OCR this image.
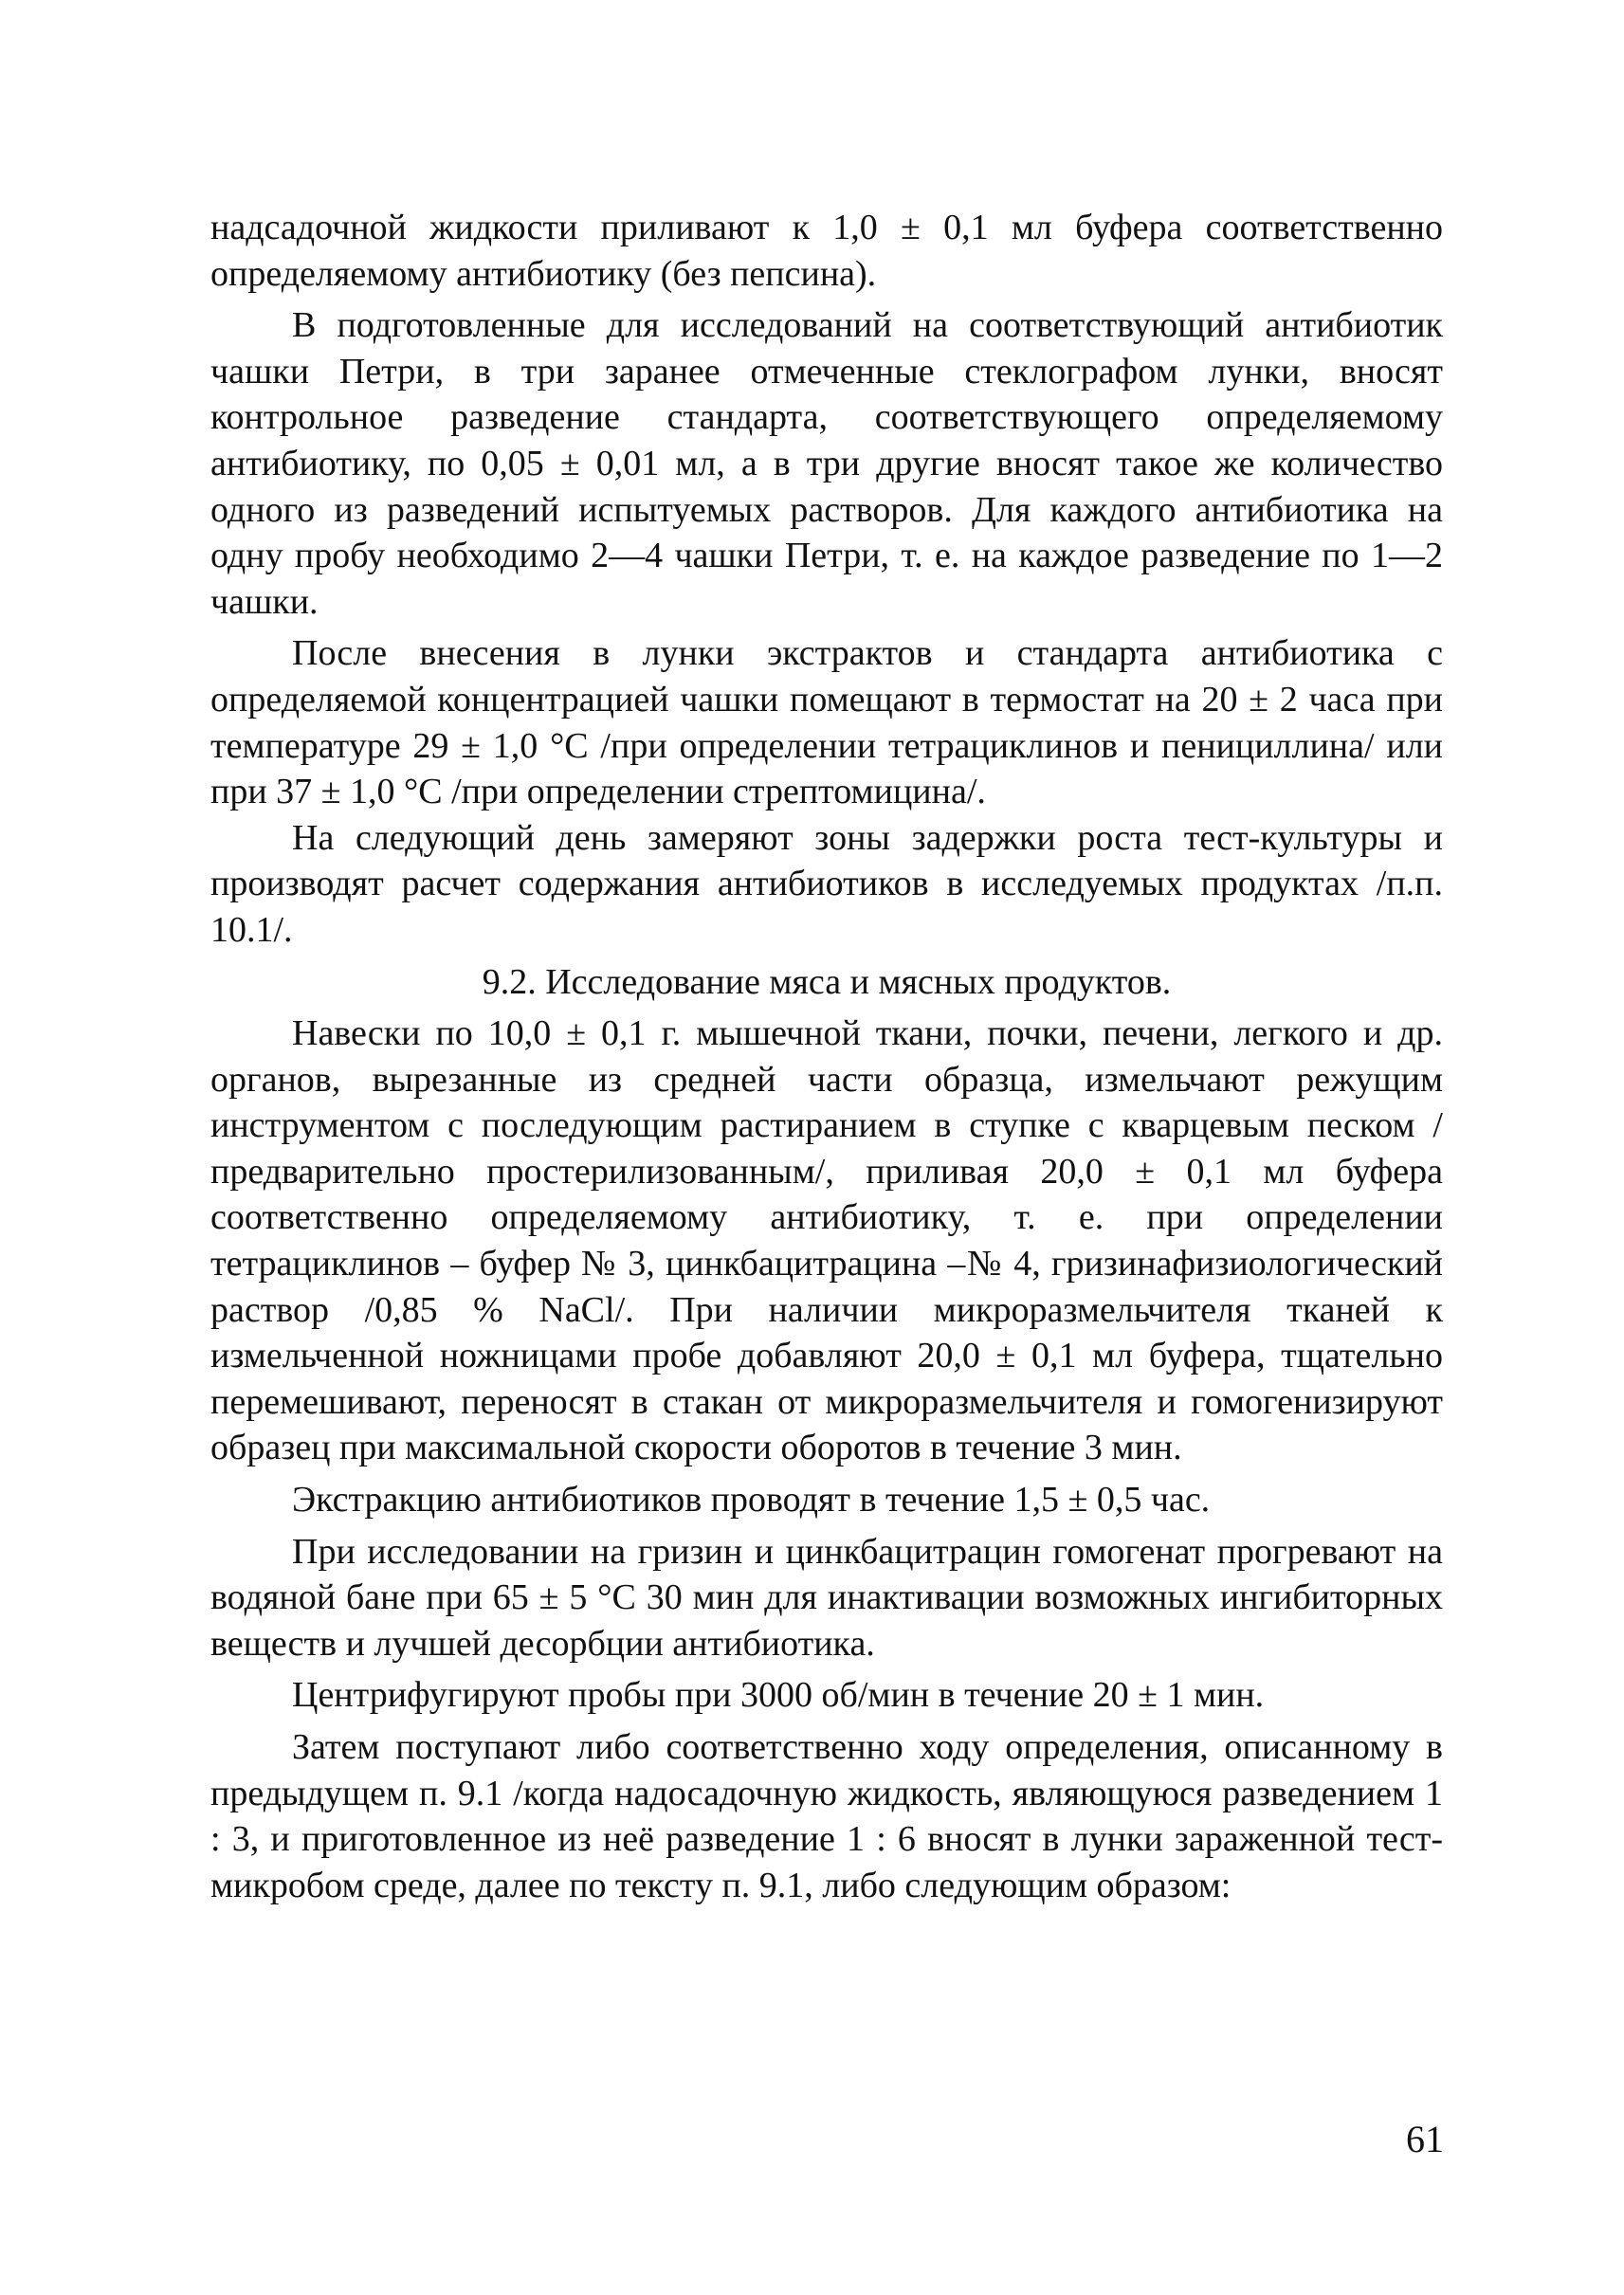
надсадочной жидкости приливают к 1,0 ± 0,1 мл буфера соответственно определяемому антибиотику (без пепсина).

В подготовленные для исследований на соответствующий антибиотик чашки Петри, в три заранее отмеченные стеклографом лунки, вносят контрольное разведение стандарта, соответствующего определяемому антибиотику, по 0,05 ± 0,01 мл, а в три другие вносят такое же количество одного из разведений испытуемых растворов. Для каждого антибиотика на одну пробу необходимо 2—4 чашки Петри, т. е. на каждое разведение по 1—2 чашки.

После внесения в лунки экстрактов и стандарта антибиотика с определяемой концентрацией чашки помещают в термостат на 20 ± 2 часа при температуре 29 ± 1,0 °С /при определении тетрациклинов и пенициллина/ или при 37 ± 1,0 °С /при определении стрептомицина/.

На следующий день замеряют зоны задержки роста тест-культуры и производят расчет содержания антибиотиков в исследуемых продуктах /п.п. 10.1/.

9.2. Исследование мяса и мясных продуктов.

Навески по 10,0 ± 0,1 г. мышечной ткани, почки, печени, легкого и др. органов, вырезанные из средней части образца, измельчают режущим инструментом с последующим растиранием в ступке с кварцевым песком /предварительно простерилизованным/, приливая 20,0 ± 0,1 мл буфера соответственно определяемому антибиотику, т. е. при определении тетрациклинов – буфер № 3, цинкбацитрацина –№ 4, гризинафизиологический раствор /0,85 % NaCl/. При наличии микроразмельчителя тканей к измельченной ножницами пробе добавляют 20,0 ± 0,1 мл буфера, тщательно перемешивают, переносят в стакан от микроразмельчителя и гомогенизируют образец при максимальной скорости оборотов в течение 3 мин.

Экстракцию антибиотиков проводят в течение 1,5 ± 0,5 час.

При исследовании на гризин и цинкбацитрацин гомогенат прогревают на водяной бане при 65 ± 5 °С 30 мин для инактивации возможных ингибиторных веществ и лучшей десорбции антибиотика.

Центрифугируют пробы при 3000 об/мин в течение 20 ± 1 мин.

Затем поступают либо соответственно ходу определения, описанному в предыдущем п. 9.1 /когда надосадочную жидкость, являющуюся разведением 1 : 3, и приготовленное из неё разведение 1 : 6 вносят в лунки зараженной тест-микробом среде, далее по тексту п. 9.1, либо следующим образом:

61
